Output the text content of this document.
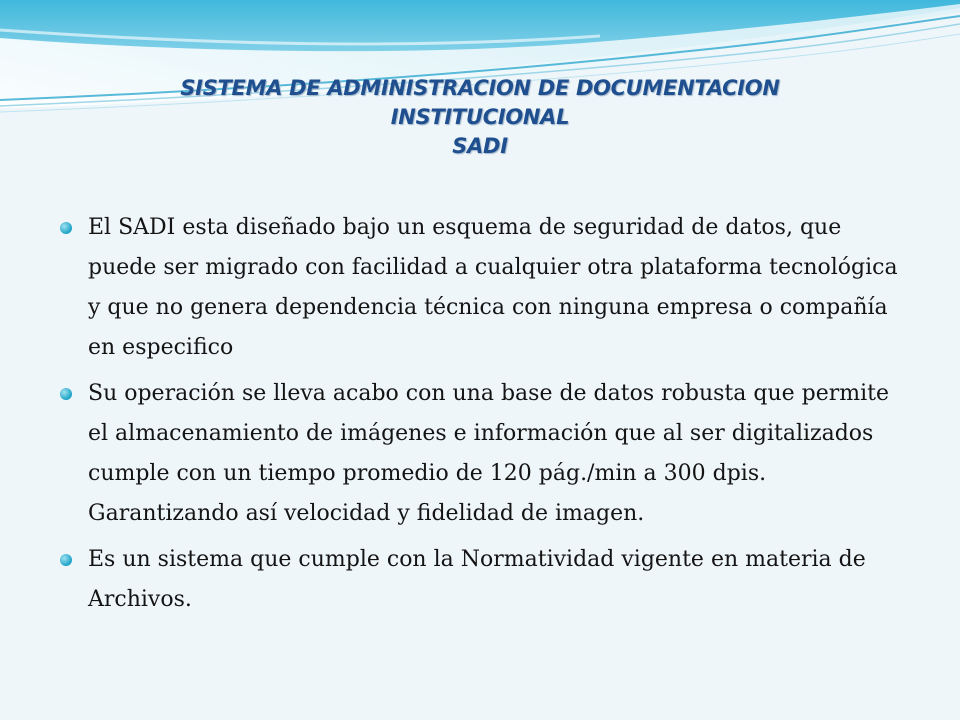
SISTEMA DE ADMINISTRACION DE DOCUMENTACION
INSTITUCIONAL
SADI
El SADI esta diseñado bajo un esquema de seguridad de datos, que puede ser migrado con facilidad a cualquier otra plataforma tecnológica y que no genera dependencia técnica con ninguna empresa o compañía en especifico
Su operación se lleva acabo con una base de datos robusta que permite el almacenamiento de imágenes e información que al ser digitalizados cumple con un tiempo promedio de 120 pág./min a 300 dpis. Garantizando así velocidad y fidelidad de imagen.
Es un sistema que cumple con la Normatividad vigente en materia de Archivos.
